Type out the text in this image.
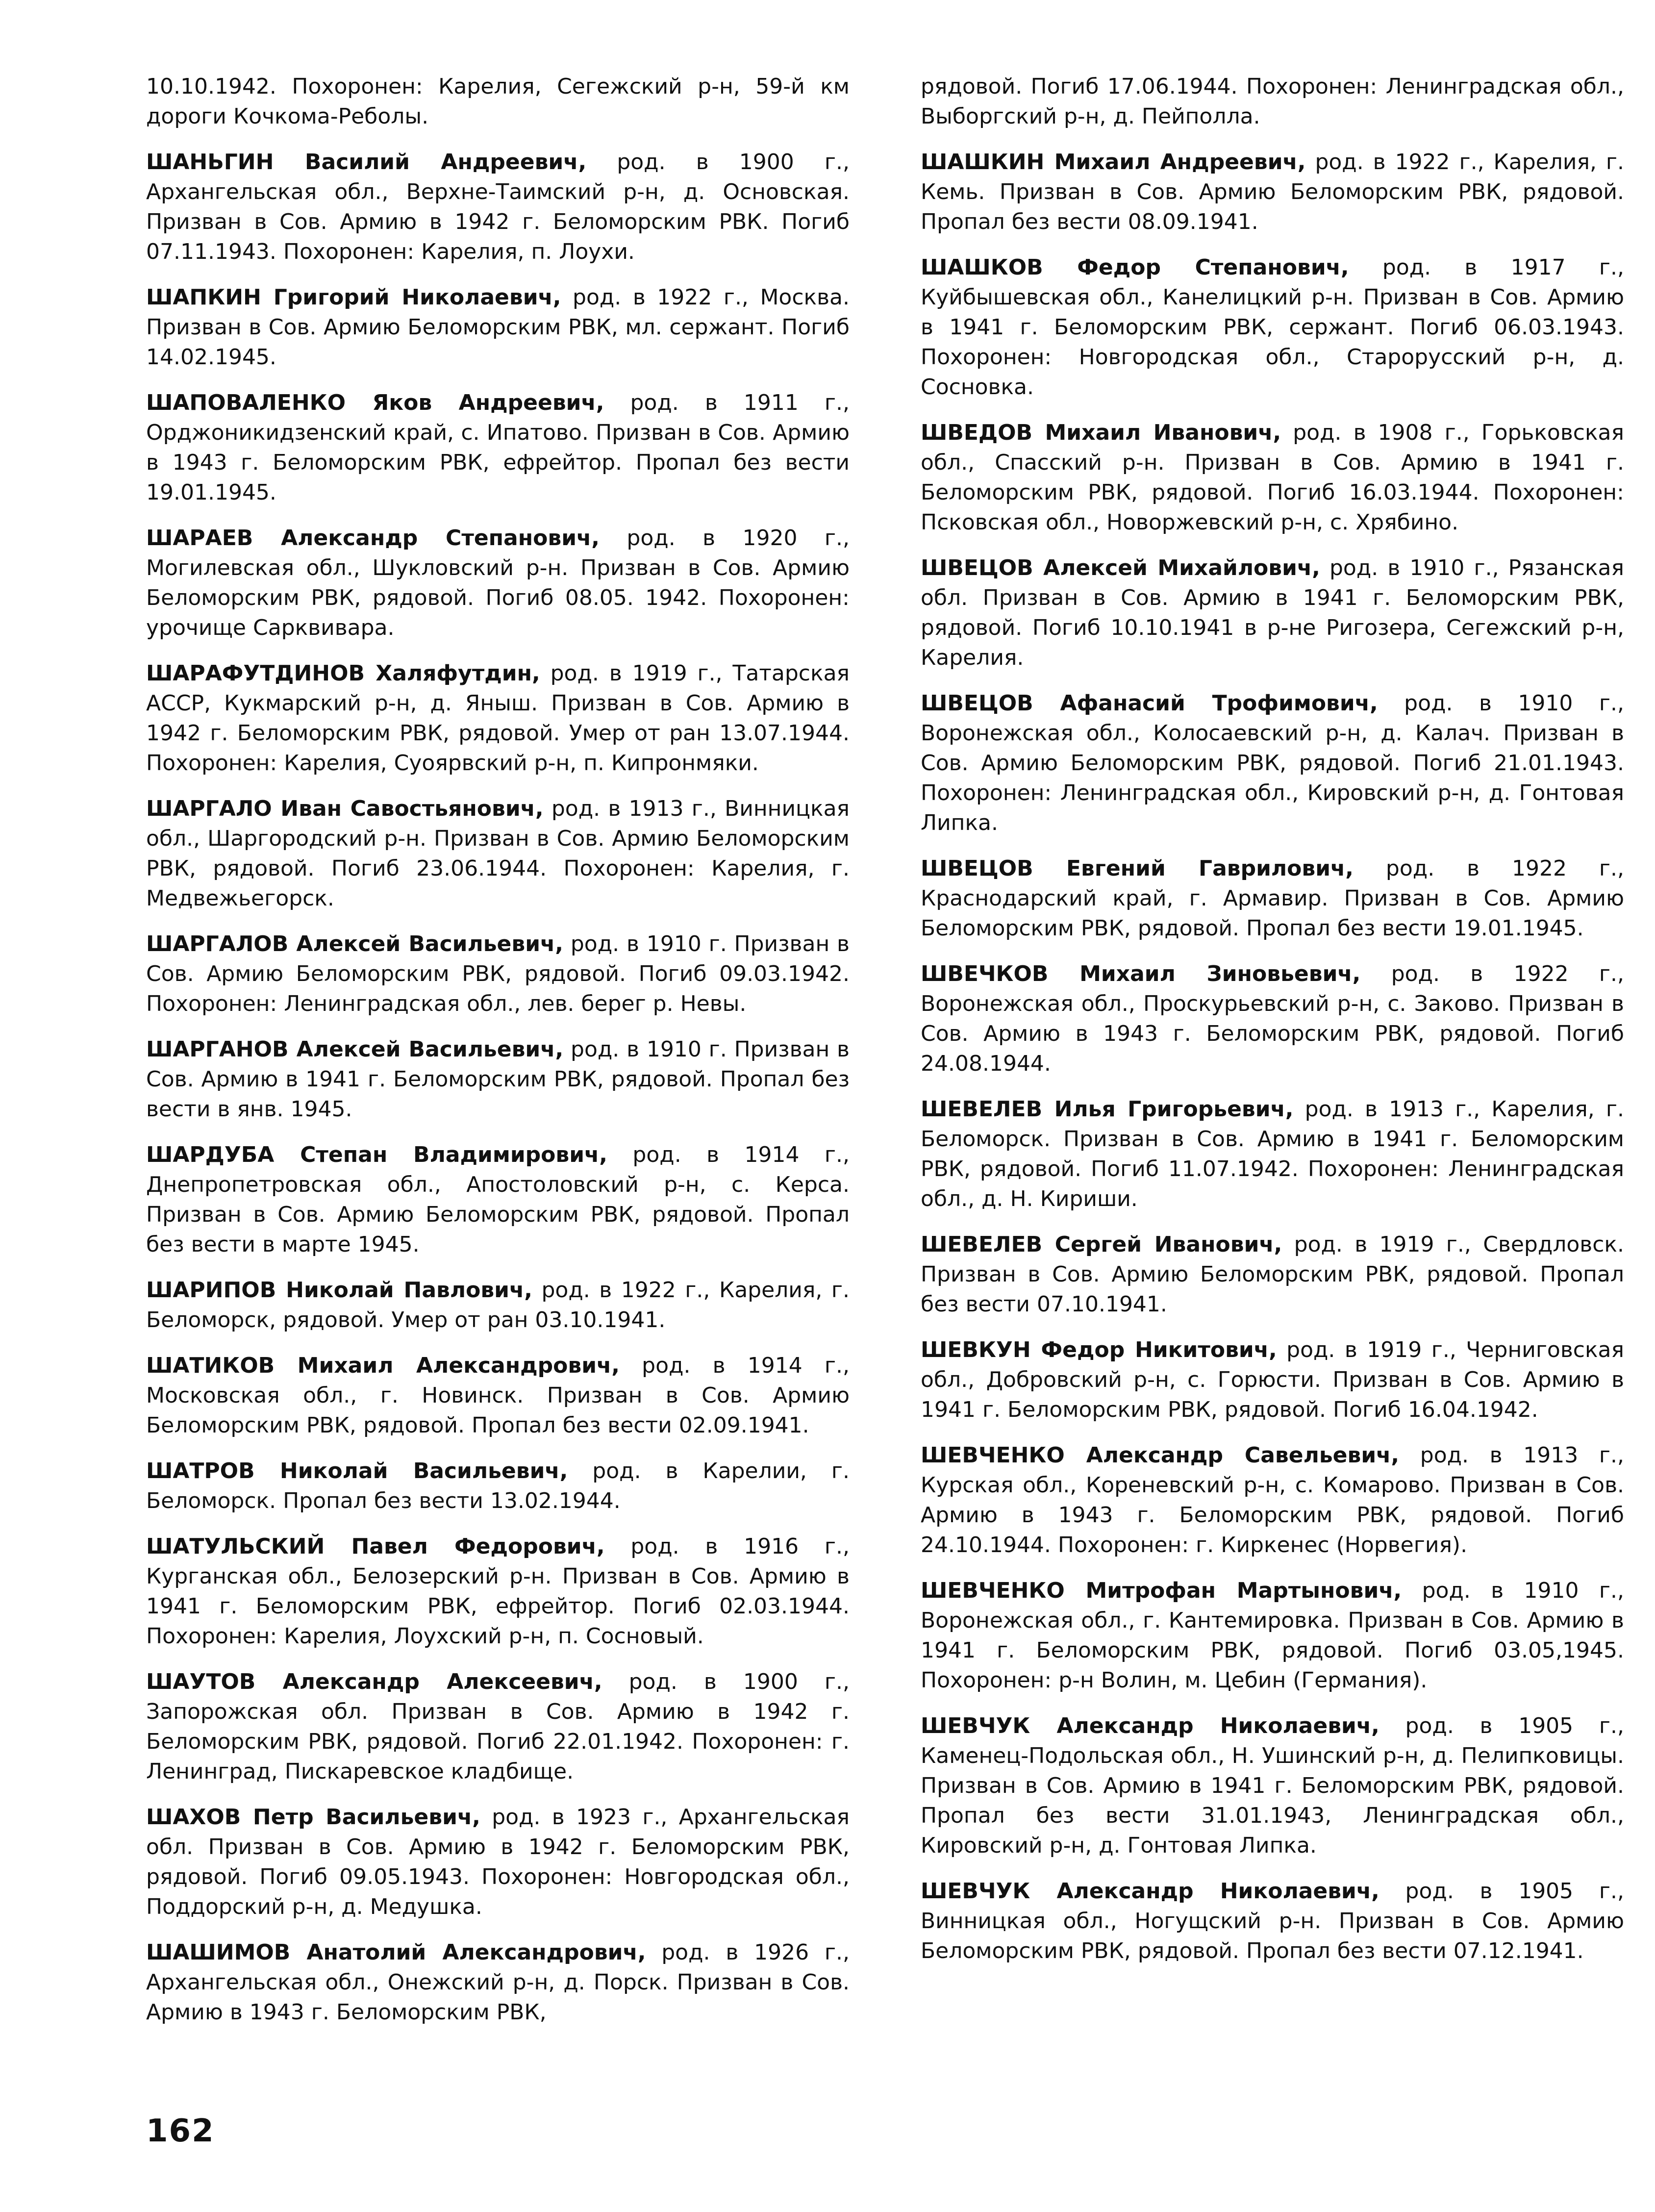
10.10.1942. Похоронен: Карелия, Сегежский р-н, 59-й км дороги Кочкома-Реболы.

ШАНЬГИН Василий Андреевич, род. в 1900 г., Архангельская обл., Верхне-Таимский р-н, д. Основская. Призван в Сов. Армию в 1942 г. Беломорским РВК. Погиб 07.11.1943. Похоронен: Карелия, п. Лоухи.

ШАПКИН Григорий Николаевич, род. в 1922 г., Москва. Призван в Сов. Армию Беломорским РВК, мл. сержант. Погиб 14.02.1945.

ШАПОВАЛЕНКО Яков Андреевич, род. в 1911 г., Орджоникидзенский край, с. Ипатово. Призван в Сов. Армию в 1943 г. Беломорским РВК, ефрейтор. Пропал без вести 19.01.1945.

ШАРАЕВ Александр Степанович, род. в 1920 г., Могилевская обл., Шукловский р-н. Призван в Сов. Армию Беломорским РВК, рядовой. Погиб 08.05. 1942. Похоронен: урочище Сарквивара.

ШАРАФУТДИНОВ Халяфутдин, род. в 1919 г., Татарская АССР, Кукмарский р-н, д. Яныш. Призван в Сов. Армию в 1942 г. Беломорским РВК, рядовой. Умер от ран 13.07.1944. Похоронен: Карелия, Суоярвский р-н, п. Кипронмяки.

ШАРГАЛО Иван Савостьянович, род. в 1913 г., Винницкая обл., Шаргородский р-н. Призван в Сов. Армию Беломорским РВК, рядовой. Погиб 23.06.1944. Похоронен: Карелия, г. Медвежьегорск.

ШАРГАЛОВ Алексей Васильевич, род. в 1910 г. Призван в Сов. Армию Беломорским РВК, рядовой. Погиб 09.03.1942. Похоронен: Ленинградская обл., лев. берег р. Невы.

ШАРГАНОВ Алексей Васильевич, род. в 1910 г. Призван в Сов. Армию в 1941 г. Беломорским РВК, рядовой. Пропал без вести в янв. 1945.

ШАРДУБА Степан Владимирович, род. в 1914 г., Днепропетровская обл., Апостоловский р-н, с. Керса. Призван в Сов. Армию Беломорским РВК, рядовой. Пропал без вести в марте 1945.

ШАРИПОВ Николай Павлович, род. в 1922 г., Карелия, г. Беломорск, рядовой. Умер от ран 03.10.1941.

ШАТИКОВ Михаил Александрович, род. в 1914 г., Московская обл., г. Новинск. Призван в Сов. Армию Беломорским РВК, рядовой. Пропал без вести 02.09.1941.

ШАТРОВ Николай Васильевич, род. в Карелии, г. Беломорск. Пропал без вести 13.02.1944.

ШАТУЛЬСКИЙ Павел Федорович, род. в 1916 г., Курганская обл., Белозерский р-н. Призван в Сов. Армию в 1941 г. Беломорским РВК, ефрейтор. Погиб 02.03.1944. Похоронен: Карелия, Лоухский р-н, п. Сосновый.

ШАУТОВ Александр Алексеевич, род. в 1900 г., Запорожская обл. Призван в Сов. Армию в 1942 г. Беломорским РВК, рядовой. Погиб 22.01.1942. Похоронен: г. Ленинград, Пискаревское кладбище.

ШАХОВ Петр Васильевич, род. в 1923 г., Архангельская обл. Призван в Сов. Армию в 1942 г. Беломорским РВК, рядовой. Погиб 09.05.1943. Похоронен: Новгородская обл., Поддорский р-н, д. Медушка.

ШАШИМОВ Анатолий Александрович, род. в 1926 г., Архангельская обл., Онежский р-н, д. Порск. Призван в Сов. Армию в 1943 г. Беломорским РВК,

рядовой. Погиб 17.06.1944. Похоронен: Ленинградская обл., Выборгский р-н, д. Пейполла.

ШАШКИН Михаил Андреевич, род. в 1922 г., Карелия, г. Кемь. Призван в Сов. Армию Беломорским РВК, рядовой. Пропал без вести 08.09.1941.

ШАШКОВ Федор Степанович, род. в 1917 г., Куйбышевская обл., Канелицкий р-н. Призван в Сов. Армию в 1941 г. Беломорским РВК, сержант. Погиб 06.03.1943. Похоронен: Новгородская обл., Старорусский р-н, д. Сосновка.

ШВЕДОВ Михаил Иванович, род. в 1908 г., Горьковская обл., Спасский р-н. Призван в Сов. Армию в 1941 г. Беломорским РВК, рядовой. Погиб 16.03.1944. Похоронен: Псковская обл., Новоржевский р-н, с. Хрябино.

ШВЕЦОВ Алексей Михайлович, род. в 1910 г., Рязанская обл. Призван в Сов. Армию в 1941 г. Беломорским РВК, рядовой. Погиб 10.10.1941 в р-не Ригозера, Сегежский р-н, Карелия.

ШВЕЦОВ Афанасий Трофимович, род. в 1910 г., Воронежская обл., Колосаевский р-н, д. Калач. Призван в Сов. Армию Беломорским РВК, рядовой. Погиб 21.01.1943. Похоронен: Ленинградская обл., Кировский р-н, д. Гонтовая Липка.

ШВЕЦОВ Евгений Гаврилович, род. в 1922 г., Краснодарский край, г. Армавир. Призван в Сов. Армию Беломорским РВК, рядовой. Пропал без вести 19.01.1945.

ШВЕЧКОВ Михаил Зиновьевич, род. в 1922 г., Воронежская обл., Проскурьевский р-н, с. Заково. Призван в Сов. Армию в 1943 г. Беломорским РВК, рядовой. Погиб 24.08.1944.

ШЕВЕЛЕВ Илья Григорьевич, род. в 1913 г., Карелия, г. Беломорск. Призван в Сов. Армию в 1941 г. Беломорским РВК, рядовой. Погиб 11.07.1942. Похоронен: Ленинградская обл., д. Н. Кириши.

ШЕВЕЛЕВ Сергей Иванович, род. в 1919 г., Свердловск. Призван в Сов. Армию Беломорским РВК, рядовой. Пропал без вести 07.10.1941.

ШЕВКУН Федор Никитович, род. в 1919 г., Черниговская обл., Добровский р-н, с. Горюсти. Призван в Сов. Армию в 1941 г. Беломорским РВК, рядовой. Погиб 16.04.1942.

ШЕВЧЕНКО Александр Савельевич, род. в 1913 г., Курская обл., Кореневский р-н, с. Комарово. Призван в Сов. Армию в 1943 г. Беломорским РВК, рядовой. Погиб 24.10.1944. Похоронен: г. Киркенес (Норвегия).

ШЕВЧЕНКО Митрофан Мартынович, род. в 1910 г., Воронежская обл., г. Кантемировка. Призван в Сов. Армию в 1941 г. Беломорским РВК, рядовой. Погиб 03.05,1945. Похоронен: р-н Волин, м. Цебин (Германия).

ШЕВЧУК Александр Николаевич, род. в 1905 г., Каменец-Подольская обл., Н. Ушинский р-н, д. Пелипковицы. Призван в Сов. Армию в 1941 г. Беломорским РВК, рядовой. Пропал без вести 31.01.1943, Ленинградская обл., Кировский р-н, д. Гонтовая Липка.

ШЕВЧУК Александр Николаевич, род. в 1905 г., Винницкая обл., Ногущский р-н. Призван в Сов. Армию Беломорским РВК, рядовой. Пропал без вести 07.12.1941.

162
